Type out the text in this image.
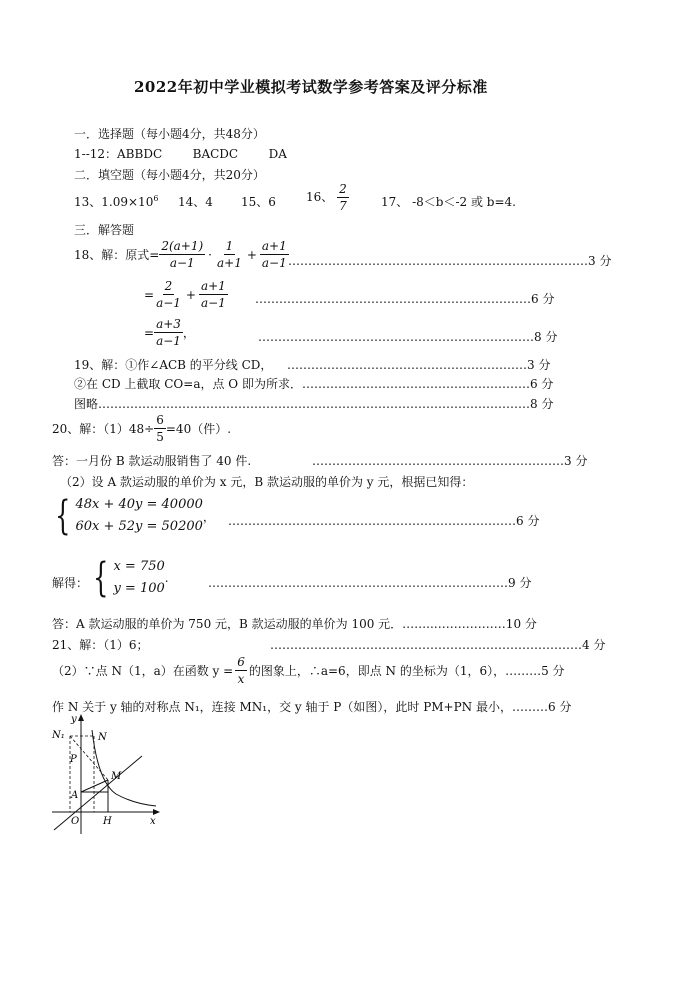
2022年初中学业模拟考试数学参考答案及评分标准
一．选择题（每小题4分，共48分）
1--12：ABBDC        BACDC        DA
二．填空题（每小题4分，共20分）
13、$1.09\times 10^6$ 14、4 15、6	16、 $\frac{2}{7}$	17、 -8＜b＜-2 或 b=4.
三．解答题
18、解：原式= $\frac{2(a+1)}{a-1} \cdot \frac{1}{a+1} + \frac{a+1}{a-1}$ …………………………………………………………………3 分
= $\frac{2}{a-1} + \frac{a+1}{a-1}$ ……………………………………………………………6 分
= $\frac{a+3}{a-1}$ ，	……………………………………………………………8 分
19、解：①作∠ACB 的平分线 CD， ……………………………………………………3 分
②在 CD 上截取 CO=a，点 O 即为所求．…………………………………………………6 分
图略………………………………………………………………………………………………8 分
20、解：$(1)48\div \frac{6}{5} =40$（件）.
答：一月份 B 款运动服销售了 40 件.	………………………………………………………3 分
（2）设 A 款运动服的单价为 x 元，B 款运动服的单价为 y 元，根据已知得：
{ 48x + 40y = 40000
60x + 52y = 50200
， ………………………………………………………………6 分
解得： { x = 750
y = 100
.	…………………………………………………………………9 分
答：A 款运动服的单价为 750 元，B 款运动服的单价为 100 元．……..………………10 分
21、解：（1）6；	……………………………………………………………………4 分
（2）∵点 N（1，a）在函数 $y = \frac{6}{x}$ 的图象上，∴a=6，即点 N 的坐标为（1，6），………5 分
作 N 关于 y 轴的对称点 N₁，连接 MN₁，交 y 轴于 P（如图），此时 PM+PN 最小，………6 分
y
x
N₁	N
P
M
A
O H
